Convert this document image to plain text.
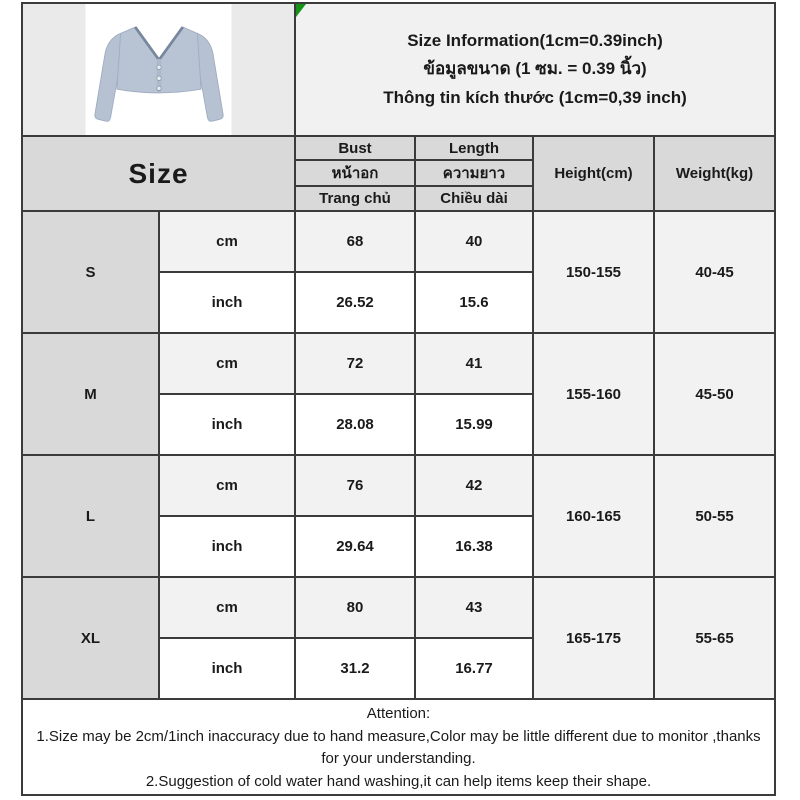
Size Information(1cm=0.39inch)
ข้อมูลขนาด (1 ซม. = 0.39 นิ้ว)
Thông tin kích thước (1cm=0,39 inch)			

Size		Bust	Length	Height(cm)	Weight(kg)
		หน้าอก	ความยาว		
		Trang chủ	Chiều dài		
S	cm	68	40	150-155	40-45
	inch	26.52	15.6		
M	cm	72	41	155-160	45-50
	inch	28.08	15.99		
L	cm	76	42	160-165	50-55
	inch	29.64	16.38		
XL	cm	80	43	165-175	55-65
	inch	31.2	16.77		

Attention:
1.Size may be 2cm/1inch inaccuracy due to hand measure,Color may be little different due to monitor ,thanks for your understanding.
2.Suggestion of cold water hand washing,it can help items keep their shape.					
